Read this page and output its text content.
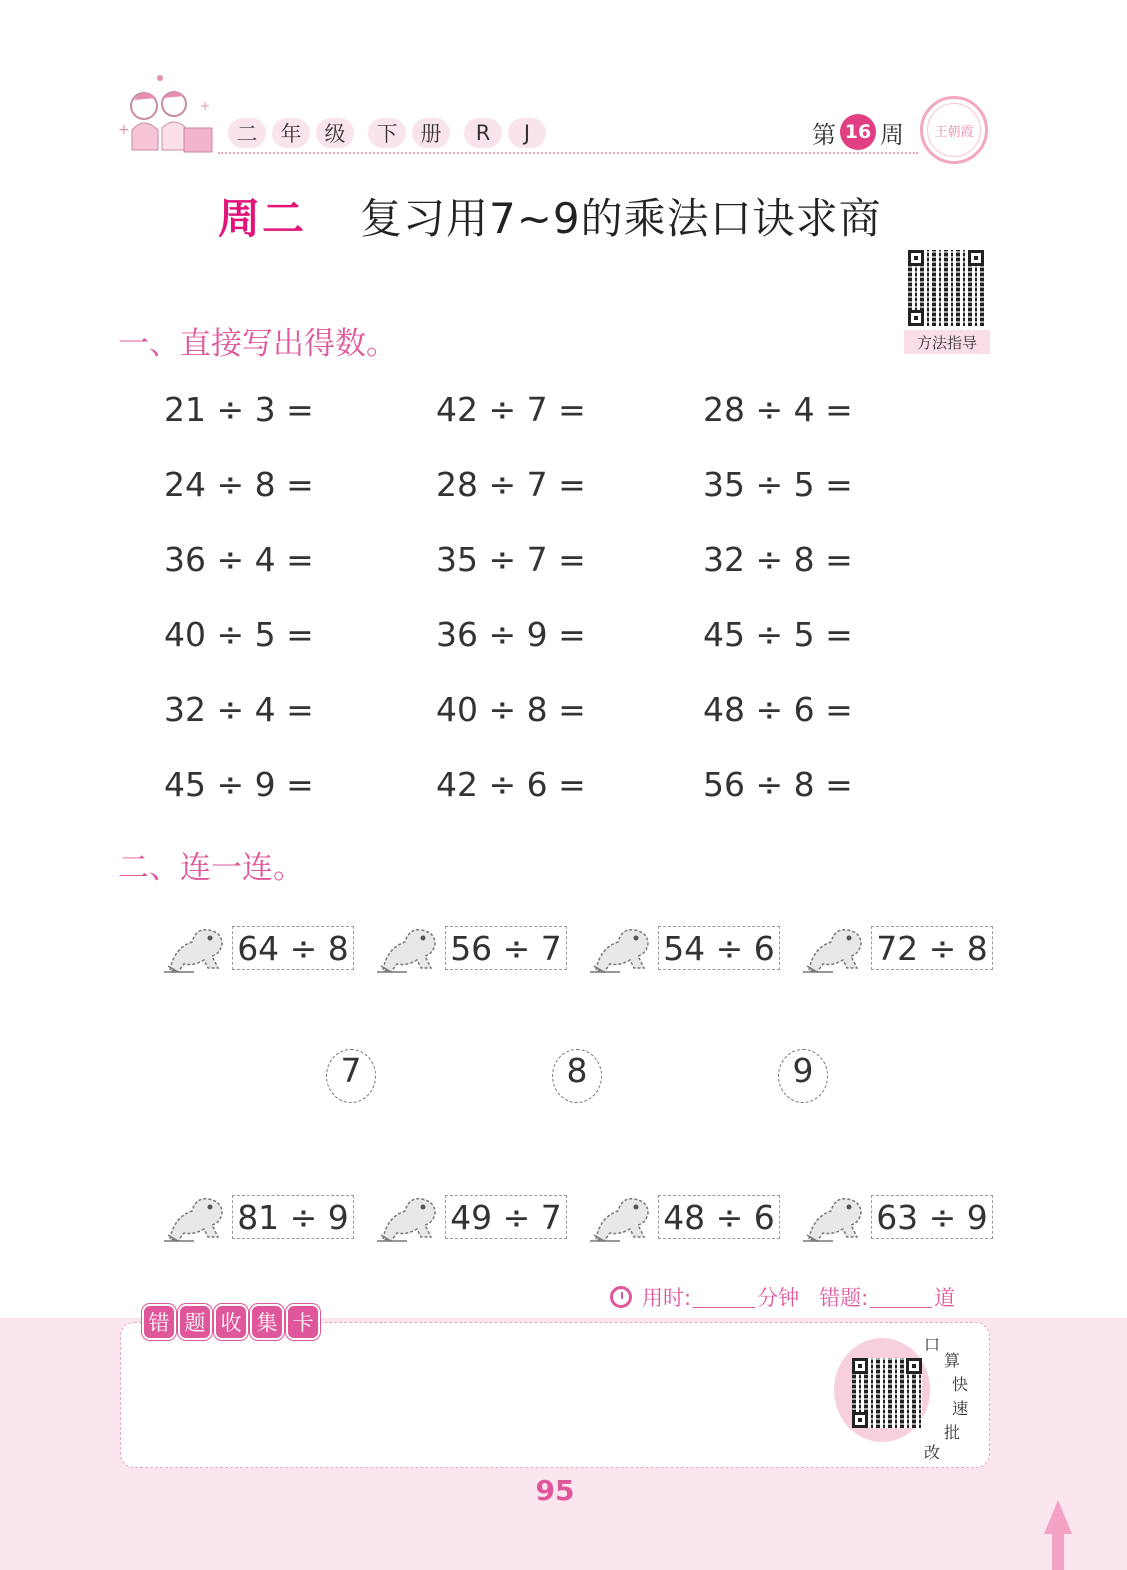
+
+
二	年	级	下	册	R	J	第 16 周 王朝霞
周二 复习用7~9的乘法口诀求商
方法指导
一、直接写出得数。
21 ÷ 3 =	42 ÷ 7 =	28 ÷ 4 =
24 ÷ 8 =	28 ÷ 7 =	35 ÷ 5 =
36 ÷ 4 =	35 ÷ 7 =	32 ÷ 8 =
40 ÷ 5 =	36 ÷ 9 =	45 ÷ 5 =
32 ÷ 4 =	40 ÷ 8 =	48 ÷ 6 =
45 ÷ 9 =	42 ÷ 6 =	56 ÷ 8 =
二、连一连。
64 ÷ 8	56 ÷ 7	54 ÷ 6	72 ÷ 8
7	8	9
81 ÷ 9	49 ÷ 7	48 ÷ 6	63 ÷ 9
用时:	分钟 错题:	道
错 题 收 集 卡
口
算
快
速
批
改
95
